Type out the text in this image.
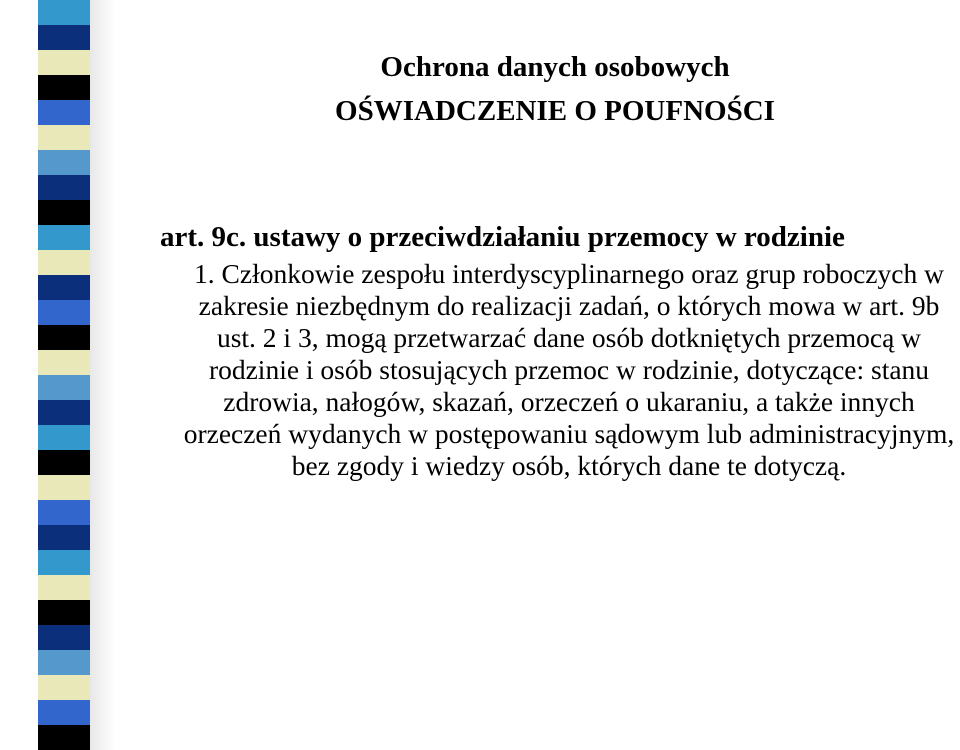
Ochrona danych osobowych
OŚWIADCZENIE O POUFNOŚCI

art. 9c. ustawy o przeciwdziałaniu przemocy w rodzinie

1. Członkowie zespołu interdyscyplinarnego oraz grup roboczych w zakresie niezbędnym do realizacji zadań, o których mowa w art. 9b ust. 2 i 3, mogą przetwarzać dane osób dotkniętych przemocą w rodzinie i osób stosujących przemoc w rodzinie, dotyczące: stanu zdrowia, nałogów, skazań, orzeczeń o ukaraniu, a także innych orzeczeń wydanych w postępowaniu sądowym lub administracyjnym, bez zgody i wiedzy osób, których dane te dotyczą.
